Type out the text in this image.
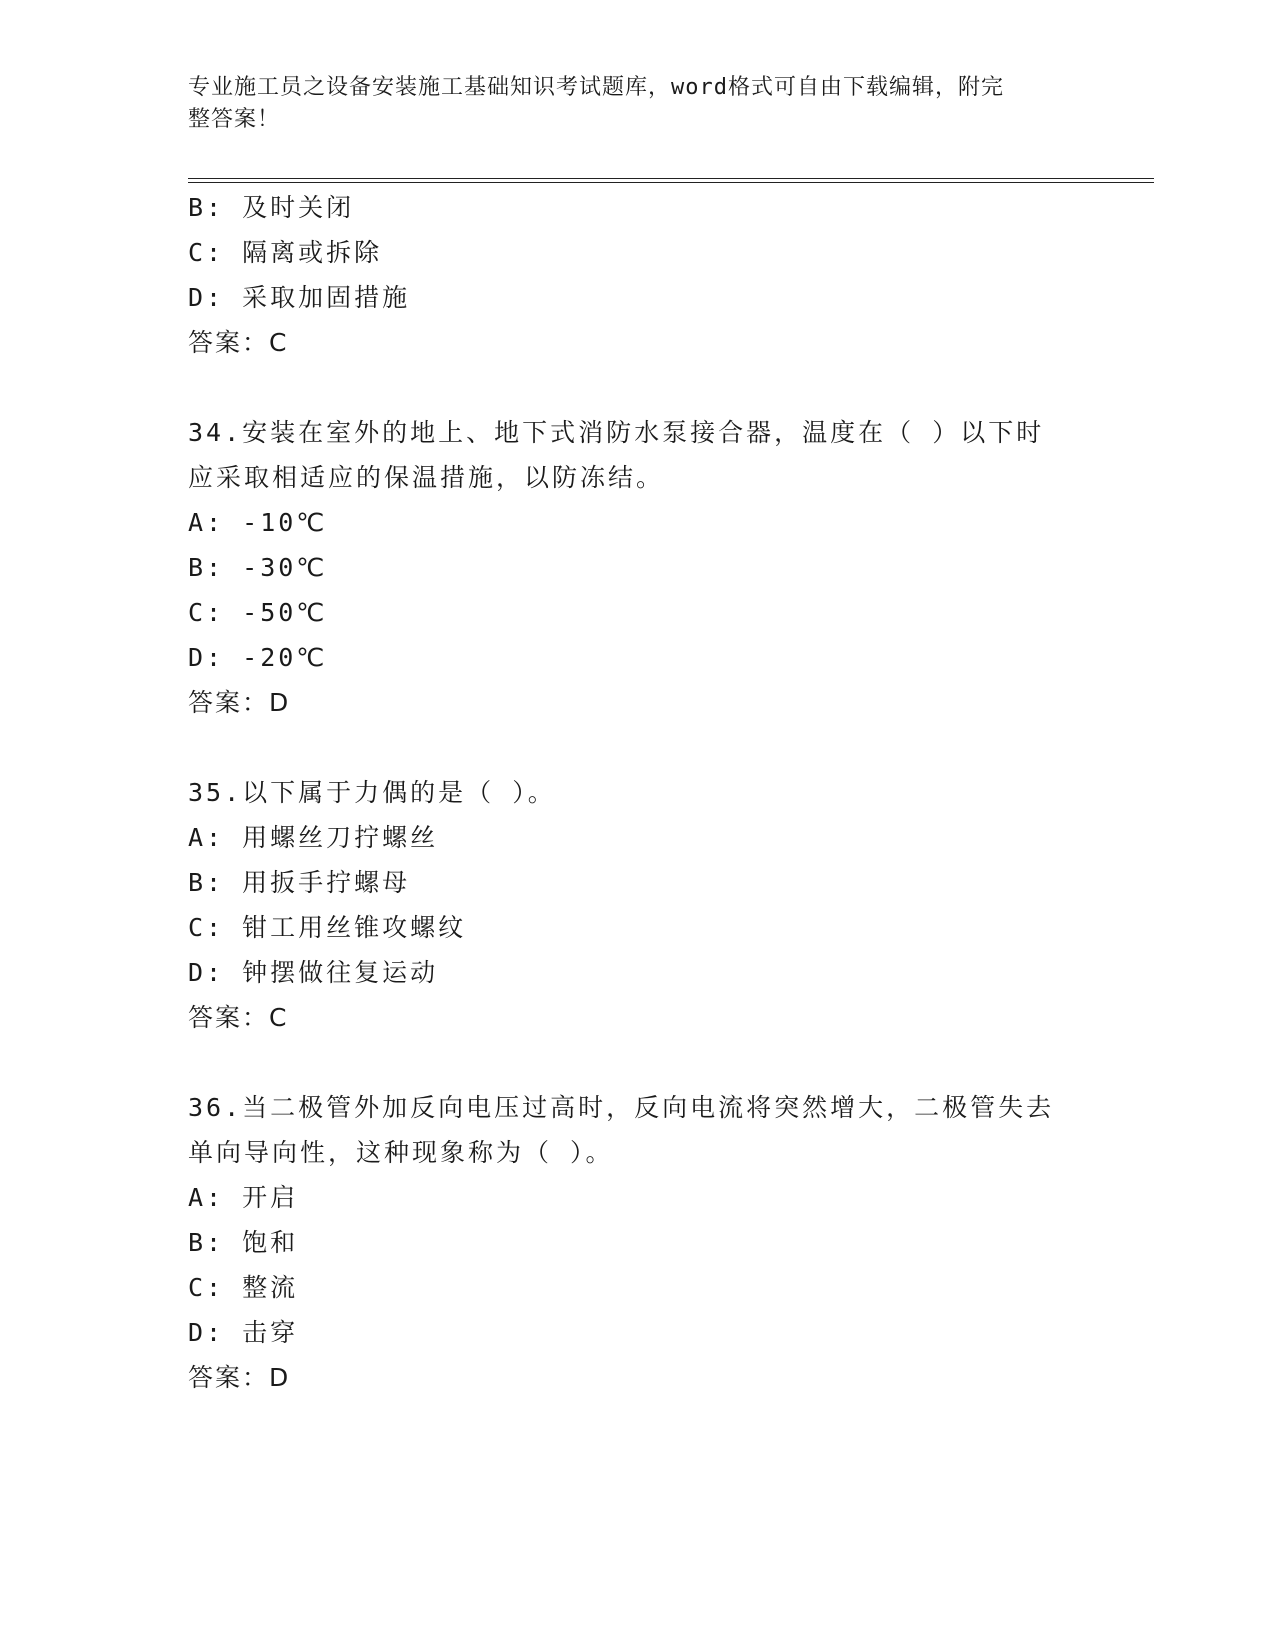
专业施工员之设备安装施工基础知识考试题库，word格式可自由下载编辑，附完
整答案！
B: 及时关闭
C: 隔离或拆除
D: 采取加固措施
答案：C
34.安装在室外的地上、地下式消防水泵接合器，温度在（ ）以下时
应采取相适应的保温措施，以防冻结。
A: -10℃
B: -30℃
C: -50℃
D: -20℃
答案：D
35.以下属于力偶的是（ ）。
A: 用螺丝刀拧螺丝
B: 用扳手拧螺母
C: 钳工用丝锥攻螺纹
D: 钟摆做往复运动
答案：C
36.当二极管外加反向电压过高时，反向电流将突然增大，二极管失去
单向导向性，这种现象称为（ ）。
A: 开启
B: 饱和
C: 整流
D: 击穿
答案：D
